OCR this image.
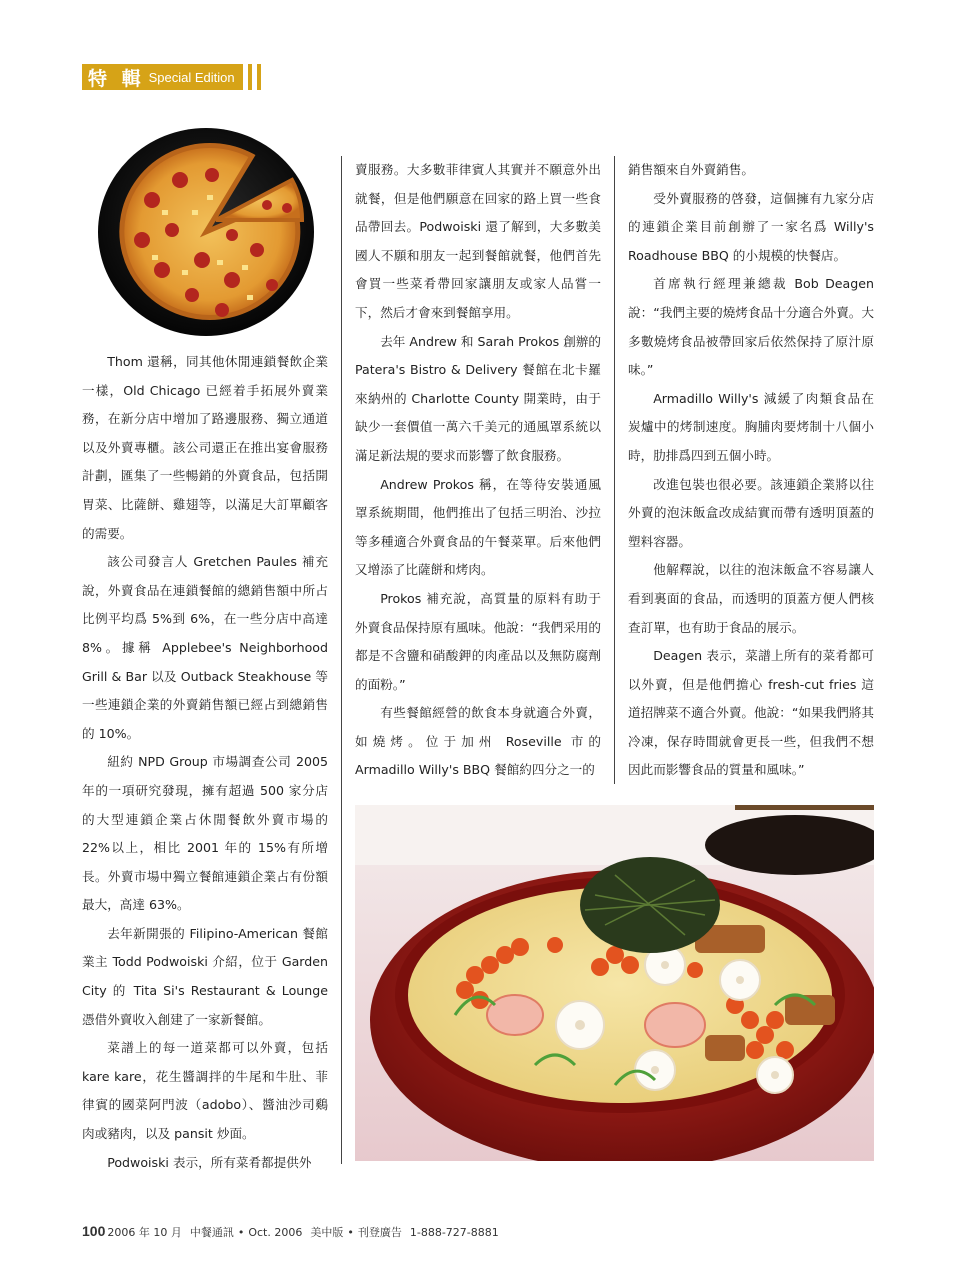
特 輯 Special Edition

Thom 還稱，同其他休閒連鎖餐飲企業一樣，Old Chicago 已經着手拓展外賣業務，在新分店中增加了路邊服務、獨立通道以及外賣專櫃。該公司還正在推出宴會服務計劃，匯集了一些暢銷的外賣食品，包括開胃菜、比薩餅、雞翅等，以滿足大訂單顧客的需要。

該公司發言人 Gretchen Paules 補充說，外賣食品在連鎖餐館的總銷售額中所占比例平均爲 5%到 6%，在一些分店中高達 8%。據稱 Applebee's Neighborhood Grill & Bar 以及 Outback Steakhouse 等一些連鎖企業的外賣銷售額已經占到總銷售的 10%。

紐約 NPD Group 市場調查公司 2005 年的一項研究發現，擁有超過 500 家分店的大型連鎖企業占休閒餐飲外賣市場的 22%以上，相比 2001 年的 15%有所增長。外賣市場中獨立餐館連鎖企業占有份額最大，高達 63%。

去年新開張的 Filipino-American 餐館業主 Todd Podwoiski 介紹，位于 Garden City 的 Tita Si's Restaurant & Lounge 憑借外賣收入創建了一家新餐館。

菜譜上的每一道菜都可以外賣，包括 kare kare，花生醬調拌的牛尾和牛肚、菲律賓的國菜阿門波（adobo）、醬油沙司鷄肉或豬肉，以及 pansit 炒面。

Podwoiski 表示，所有菜肴都提供外

賣服務。大多數菲律賓人其實并不願意外出就餐，但是他們願意在回家的路上買一些食品帶回去。Podwoiski 還了解到，大多數美國人不願和朋友一起到餐館就餐，他們首先會買一些菜肴帶回家讓朋友或家人品嘗一下，然后才會來到餐館享用。

去年 Andrew 和 Sarah Prokos 創辦的 Patera's Bistro & Delivery 餐館在北卡羅來納州的 Charlotte County 開業時，由于缺少一套價值一萬六千美元的通風罩系統以滿足新法規的要求而影響了飲食服務。

Andrew Prokos 稱，在等待安裝通風罩系統期間，他們推出了包括三明治、沙拉等多種適合外賣食品的午餐菜單。后來他們又增添了比薩餅和烤肉。

Prokos 補充說，高質量的原料有助于外賣食品保持原有風味。他說：“我們采用的都是不含鹽和硝酸鉀的肉產品以及無防腐劑的面粉。”

有些餐館經營的飲食本身就適合外賣，如燒烤。位于加州 Roseville 市的 Armadillo Willy's BBQ 餐館約四分之一的

銷售額來自外賣銷售。

受外賣服務的啓發，這個擁有九家分店的連鎖企業目前創辦了一家名爲 Willy's Roadhouse BBQ 的小規模的快餐店。

首席執行經理兼總裁 Bob Deagen 說：“我們主要的燒烤食品十分適合外賣。大多數燒烤食品被帶回家后依然保持了原汁原味。”

Armadillo Willy's 減緩了肉類食品在炭爐中的烤制速度。胸脯肉要烤制十八個小時，肋排爲四到五個小時。

改進包裝也很必要。該連鎖企業將以往外賣的泡沫飯盒改成結實而帶有透明頂蓋的塑料容器。

他解釋說，以往的泡沫飯盒不容易讓人看到裏面的食品，而透明的頂蓋方便人們核查訂單，也有助于食品的展示。

Deagen 表示，菜譜上所有的菜肴都可以外賣，但是他們擔心 fresh-cut fries 這道招牌菜不適合外賣。他說：“如果我們將其冷凍，保存時間就會更長一些，但我們不想因此而影響食品的質量和風味。”

100 2006 年 10 月 中餐通訊 • Oct. 2006 美中版 • 刊登廣告 1-888-727-8881
